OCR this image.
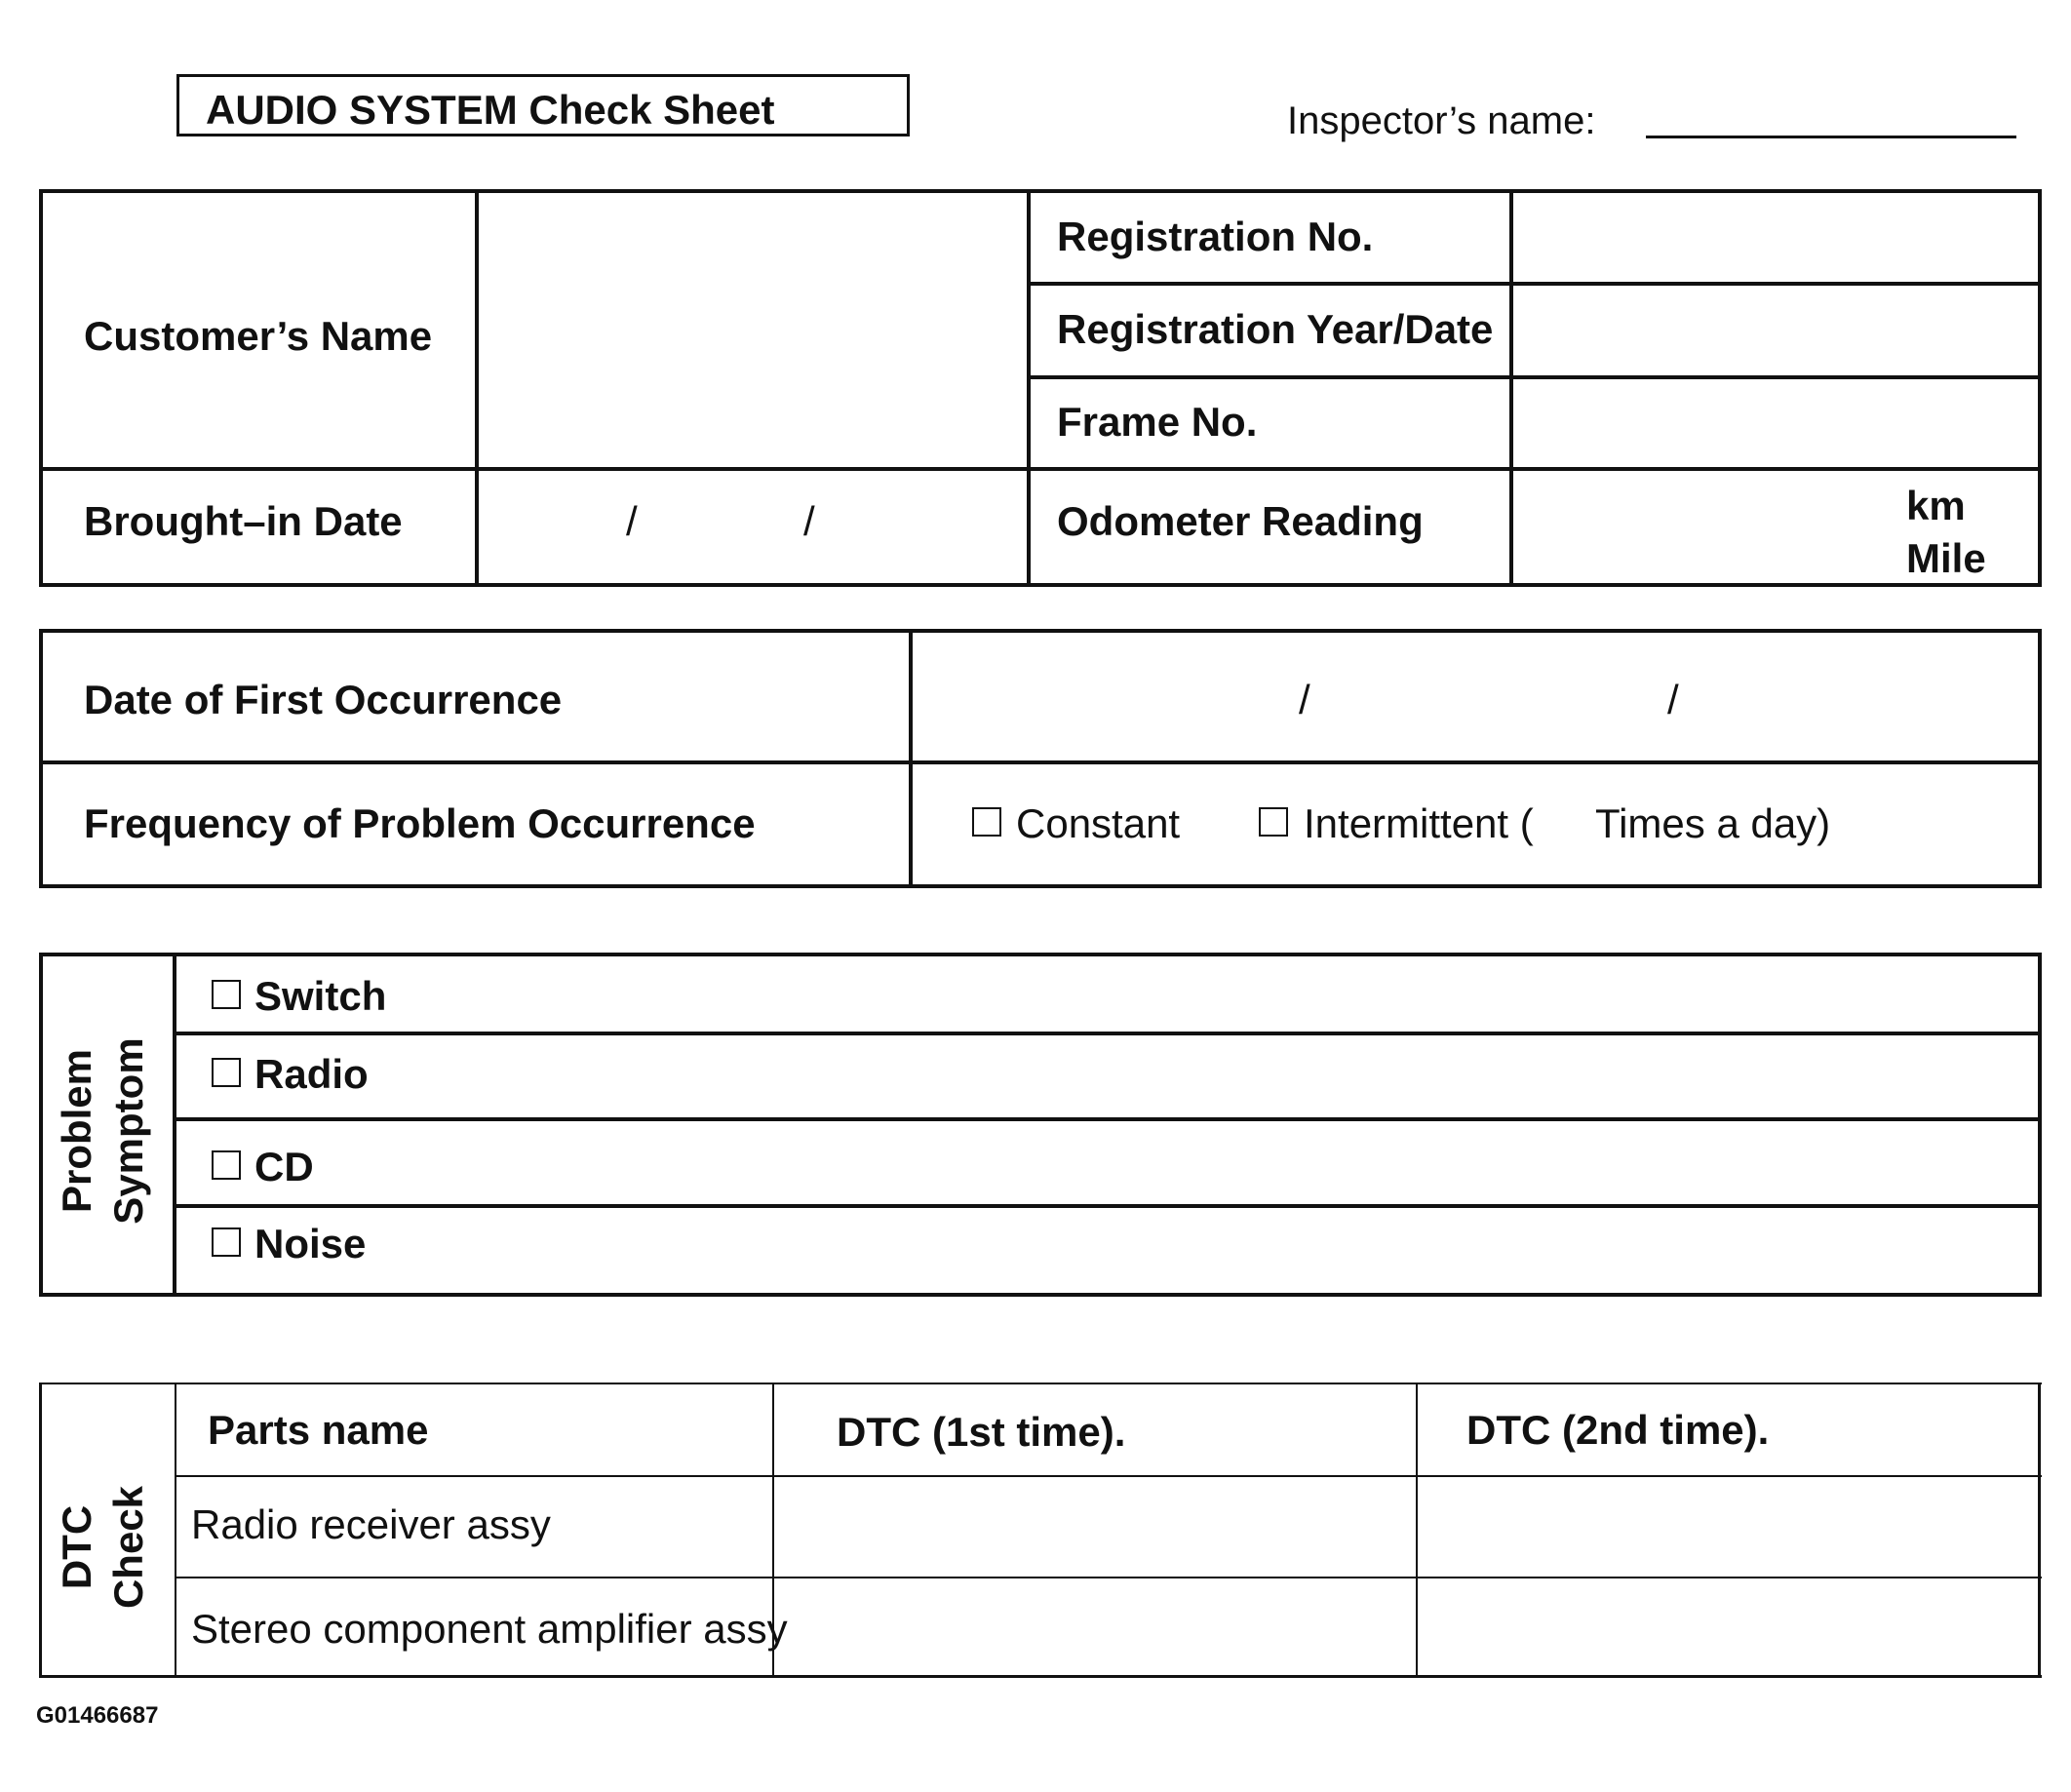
AUDIO SYSTEM Check Sheet	Inspector’s name:
Customer’s Name
Registration No.
Registration Year/Date
Frame No.
Brought–in Date	/	/	Odometer Reading	km
Mile
Date of First Occurrence	/	/
Frequency of Problem Occurrence	Constant	Intermittent ( Times a day)
Problem Symptom
Switch
Radio
CD
Noise
DTC Check
Parts name	DTC (1st time).	DTC (2nd time).
Radio receiver assy
Stereo component amplifier assy
G01466687
